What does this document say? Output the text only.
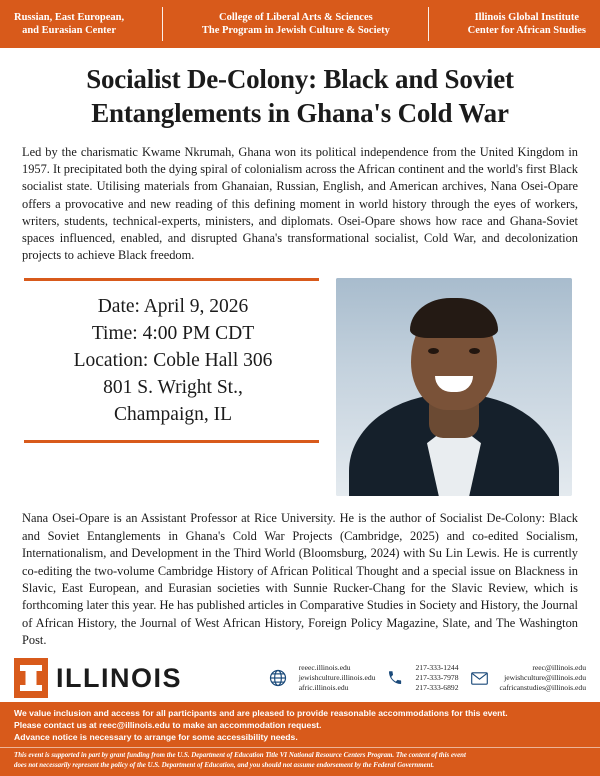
Russian, East European,
and Eurasian Center
College of Liberal Arts & Sciences
The Program in Jewish Culture & Society
Illinois Global Institute
Center for African Studies
Socialist De-Colony: Black and Soviet Entanglements in Ghana's Cold War
Led by the charismatic Kwame Nkrumah, Ghana won its political independence from the United Kingdom in 1957. It precipitated both the dying spiral of colonialism across the African continent and the world's first Black socialist state. Utilising materials from Ghanaian, Russian, English, and American archives, Nana Osei-Opare offers a provocative and new reading of this defining moment in world history through the eyes of workers, writers, students, technical-experts, ministers, and diplomats. Osei-Opare shows how race and Ghana-Soviet spaces influenced, enabled, and disrupted Ghana's transformational socialist, Cold War, and decolonization projects to achieve Black freedom.
Date: April 9, 2026
Time: 4:00 PM CDT
Location: Coble Hall 306
801 S. Wright St.,
Champaign, IL
Nana Osei-Opare is an Assistant Professor at Rice University. He is the author of Socialist De-Colony: Black and Soviet Entanglements in Ghana's Cold War Projects (Cambridge, 2025) and co-edited Socialism, Internationalism, and Development in the Third World (Bloomsburg, 2024) with Su Lin Lewis. He is currently co-editing the two-volume Cambridge History of African Political Thought and a special issue on Blackness in Slavic, East European, and Eurasian societies with Sunnie Rucker-Chang for the Slavic Review, which is forthcoming later this year. He has published articles in Comparative Studies in Society and History, the Journal of African History, the Journal of West African History, Foreign Policy Magazine, Slate, and The Washington Post.
ILLINOIS	reeec.illinois.edu
jewishculture.illinois.edu
afric.illinois.edu
217-333-1244
217-333-7978
217-333-6892
reec@illinois.edu
jewishculture@illinois.edu
cafricanstudies@illinois.edu
We value inclusion and access for all participants and are pleased to provide reasonable accommodations for this event.
Please contact us at reec@illinois.edu to make an accommodation request.
Advance notice is necessary to arrange for some accessibility needs.
This event is supported in part by grant funding from the U.S. Department of Education Title VI National Resource Centers Program. The content of this event
does not necessarily represent the policy of the U.S. Department of Education, and you should not assume endorsement by the Federal Government.
